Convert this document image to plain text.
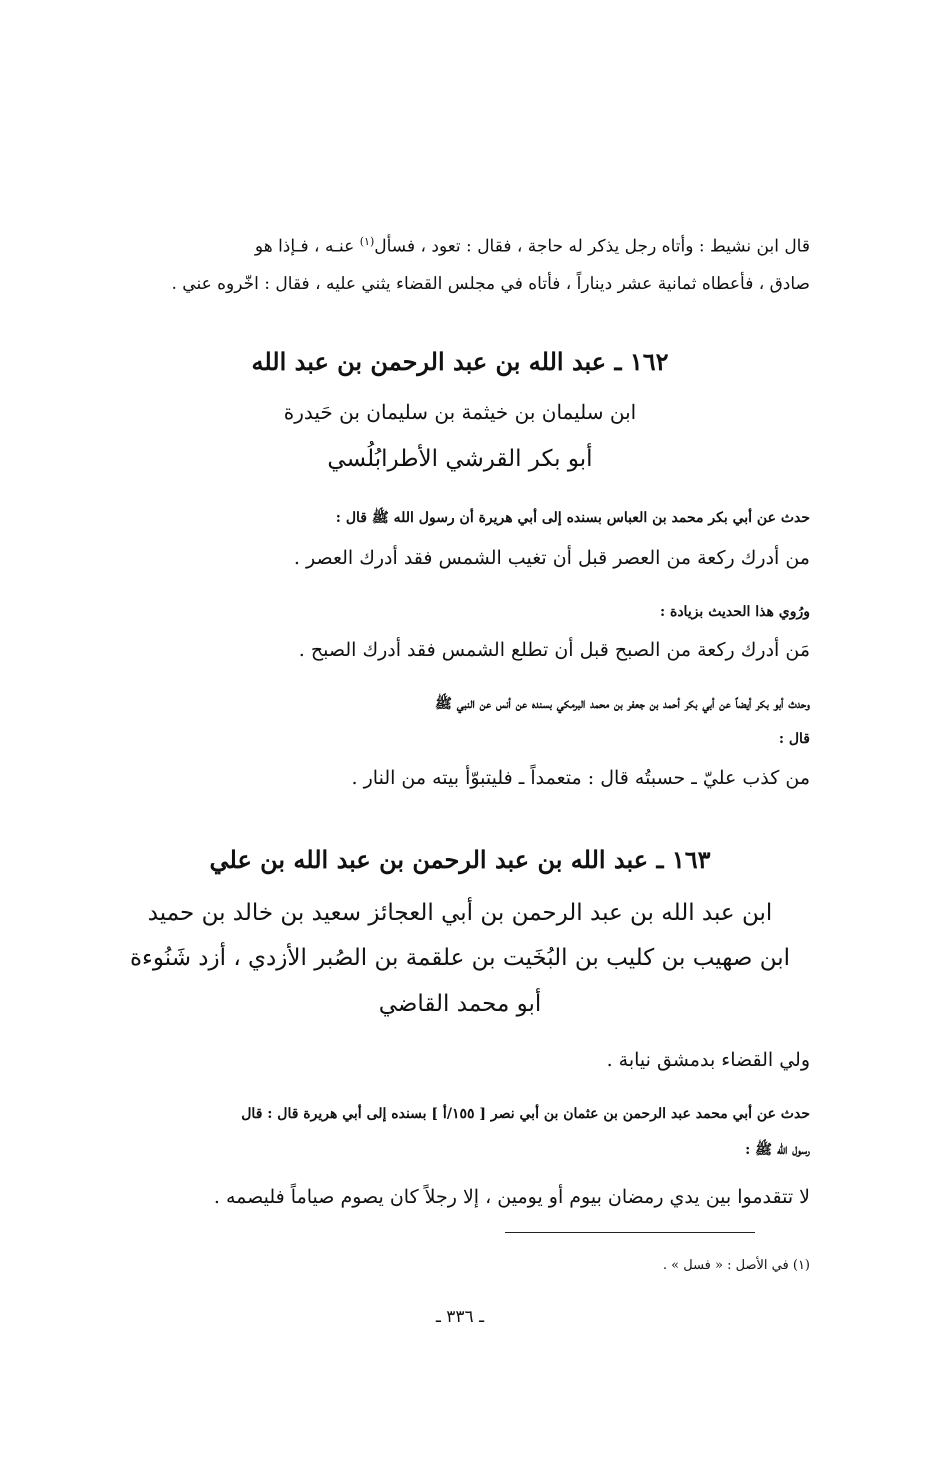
قال ابن نشيط : وأتاه رجل يذكر له حاجة ، فقال : تعود ، فسأل$^{(١)}$ عنـه ، فـإذا هو
صادق ، فأعطاه ثمانية عشر ديناراً ، فأتاه في مجلس القضاء يثني عليه ، فقال : اخّروه عني .
١٦٢ ـ عبد الله بن عبد الرحمن بن عبد الله
ابن سليمان بن خيثمة بن سليمان بن حَيدرة
أبو بكر القرشي الأطرابُلُسي
حدث عن أبي بكر محمد بن العباس بسنده إلى أبي هريرة أن رسول الله ﷺ قال :
من أدرك ركعة من العصر قبل أن تغيب الشمس فقد أدرك العصر .
ورُوي هذا الحديث بزيادة :
مَن أدرك ركعة من الصبح قبل أن تطلع الشمس فقد أدرك الصبح .
وحدث أبو بكر أيضاً عن أبي بكر أحمد بن جعفر بن محمد البرمكي بسنده عن أنس عن النبي ﷺ
قال :
من كذب عليّ ـ حسبتُه قال : متعمداً ـ فليتبوّأ بيته من النار .
١٦٣ ـ عبد الله بن عبد الرحمن بن عبد الله بن علي
ابن عبد الله بن عبد الرحمن بن أبي العجائز سعيد بن خالد بن حميد
ابن صهيب بن كليب بن البُخَيت بن علقمة بن الصُبر الأزدي ، أزد شَنُوءة
أبو محمد القاضي
ولي القضاء بدمشق نيابة .
حدث عن أبي محمد عبد الرحمن بن عثمان بن أبي نصر [ ١٥٥/أ ] بسنده إلى أبي هريرة قال : قال
رسول الله ﷺ :
لا تتقدموا بين يدي رمضان بيوم أو يومين ، إلا رجلاً كان يصوم صياماً فليصمه .
(١) في الأصل : « فسل » .
ـ ٣٣٦ ـ
